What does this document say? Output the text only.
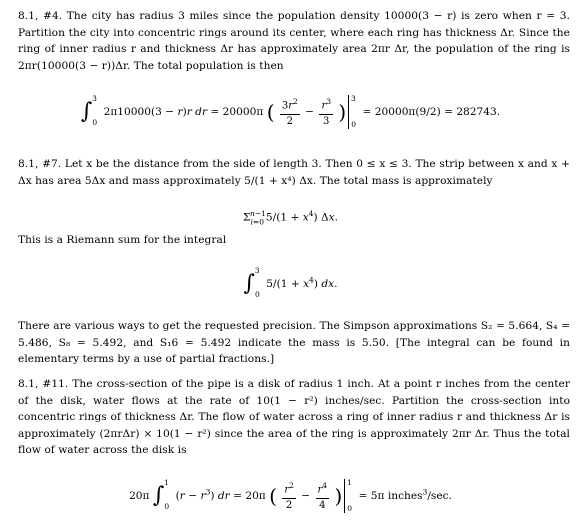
8.1, #4. The city has radius 3 miles since the population density 10000(3 − r) is zero when r = 3. Partition the city into concentric rings around its center, where each ring has thickness Δr. Since the ring of inner radius r and thickness Δr has approximately area 2πr Δr, the population of the ring is 2πr(10000(3 − r))Δr. The total population is then
$\int_0^3$  2π10000(3 − r)r dr = 20000π ( $\frac{3r^2}{2} - \frac{r^3}{3} )_0^3 = 20000\pi(9/2) = 282743$.
8.1, #7. Let x be the distance from the side of length 3. Then 0 ≤ x ≤ 3. The strip between x and x + Δx has area 5Δx and mass approximately 5/(1 + x⁴) Δx. The total mass is approximately
$\Sigma_{i=0}^{n-1}5/(1 + x^4)$ Δx.
This is a Riemann sum for the integral
$\int_0^3$  $5/(1 + x^4)$ dx.
There are various ways to get the requested precision. The Simpson approximations S₂ = 5.664, S₄ = 5.486, S₈ = 5.492, and S₁6 = 5.492 indicate the mass is 5.50. [The integral can be found in elementary terms by a use of partial fractions.]
8.1, #11. The cross-section of the pipe is a disk of radius 1 inch. At a point r inches from the center of the disk, water flows at the rate of 10(1 − r²) inches/sec. Partition the cross-section into concentric rings of thickness Δr. The flow of water across a ring of inner radius r and thickness Δr is approximately (2πrΔr) × 10(1 − r²) since the area of the ring is approximately 2πr Δr. Thus the total flow of water across the disk is
20π $\int_0^1$  $(r - r^3)$ dr = 20π ( $\frac{r^2}{2} - \frac{r^4}{4} )_0^1 = 5\pi$ inches$^3$/sec.
